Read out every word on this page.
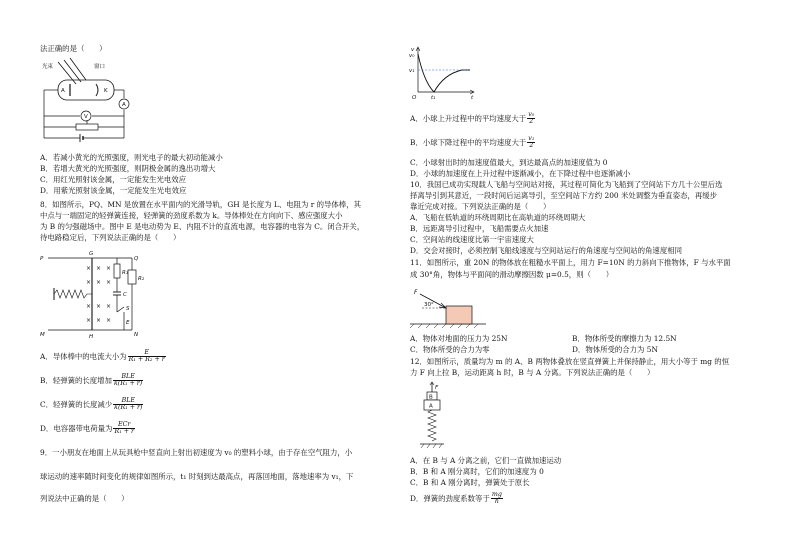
法正确的是（　　）
光束	窗口
A	K
A
V
A．若减小黄光的光照强度，则光电子的最大初动能减小
B．若增大黄光的光照强度，则阴极金属的逸出功增大
C．用红光照射该金属，一定能发生光电效应
D．用紫光照射该金属，一定能发生光电效应
8．如图所示，PQ、MN 是放置在水平面内的光滑导轨，GH 是长度为 L、电阻为 r 的导体棒，其
中点与一端固定的轻弹簧连接，轻弹簧的劲度系数为 k。导体棒处在方向向下、感应强度大小
为 B 的匀强磁场中。图中 E 是电动势为 E、内阻不计的直流电源，电容器的电容为 C。闭合开关，
待电路稳定后，下列说法正确的是（　　）
× × ×
× × ×
× × ×
× × ×
P
G
Q
M	H	N
R₁
R₂
C
S
E
A．导体棒中的电流大小为 $\frac{E}{\text{R₁ + R₂ + r}}$
B．轻弹簧的长度增加 $\frac{\text{BLE}}{\text{k(R₁ + r)}}$
C．轻弹簧的长度减少 $\frac{\text{BLE}}{\text{k(R₁ + r)}}$
D．电容器带电荷量为 $\frac{\text{ECr}}{\text{R₁ + r}}$
9．一小朋友在地面上从玩具枪中竖直向上射出初速度为 v₀ 的塑料小球，由于存在空气阻力，小
球运动的速率随时间变化的规律如图所示，t₁ 时刻到达最高点，再落回地面，落地速率为 v₁，下
列说法中正确的是（　　）
v
v₀
v₁
O	t₁	t
A．小球上升过程中的平均速度大于 $\frac{\text{v₀}}{2}$
B．小球下降过程中的平均速度大于 $\frac{\text{v₁}}{2}$
C．小球射出时的加速度值最大，到达最高点的加速度值为 0
D．小球的加速度在上升过程中逐渐减小，在下降过程中也逐渐减小
10．我国已成功实现载人飞船与空间站对接，其过程可简化为飞船到了空间站下方几十公里后选
择离导引到其意近，一段时间后运离导引，至空间站下方约 200 米处调整为垂直姿态，再缓步
靠近完成对接。下列说法正确的是（　　）
A．飞船在低轨道的环绕周期比在高轨道的环绕周期大
B．远距离导引过程中，飞船需要点火加速
C．空间站的线速度比第一宇宙速度大
D．交会对接时，必须控制飞船线速度与空间站运行的角速度与空间站的角速度相同
11．如图所示，重 20N 的物体放在粗糙水平面上，用力 F=10N 的力斜向下推物体，F 与水平面
成 30°角，物体与平面间的滑动摩擦因数 μ=0.5，则（　　）
F
30°
A．物体对地面的压力为 25N	B．物体所受的摩擦力为 12.5N
C．物体所受的合力为零	D．物体所受的合力为 5N
12．如图所示，质量均为 m 的 A、B 两物体叠放在竖直弹簧上并保持静止，用大小等于 mg 的恒
力 F 向上拉 B，运动距离 h 时，B 与 A 分离。下列说法正确的是（　　）
F
B
A
A．在 B 与 A 分离之前，它们一直做加速运动
B．B 和 A 刚分离时，它们的加速度为 0
C．B 和 A 刚分离时，弹簧处于原长
D．弹簧的劲度系数等于 $\frac{mg}{h}$
